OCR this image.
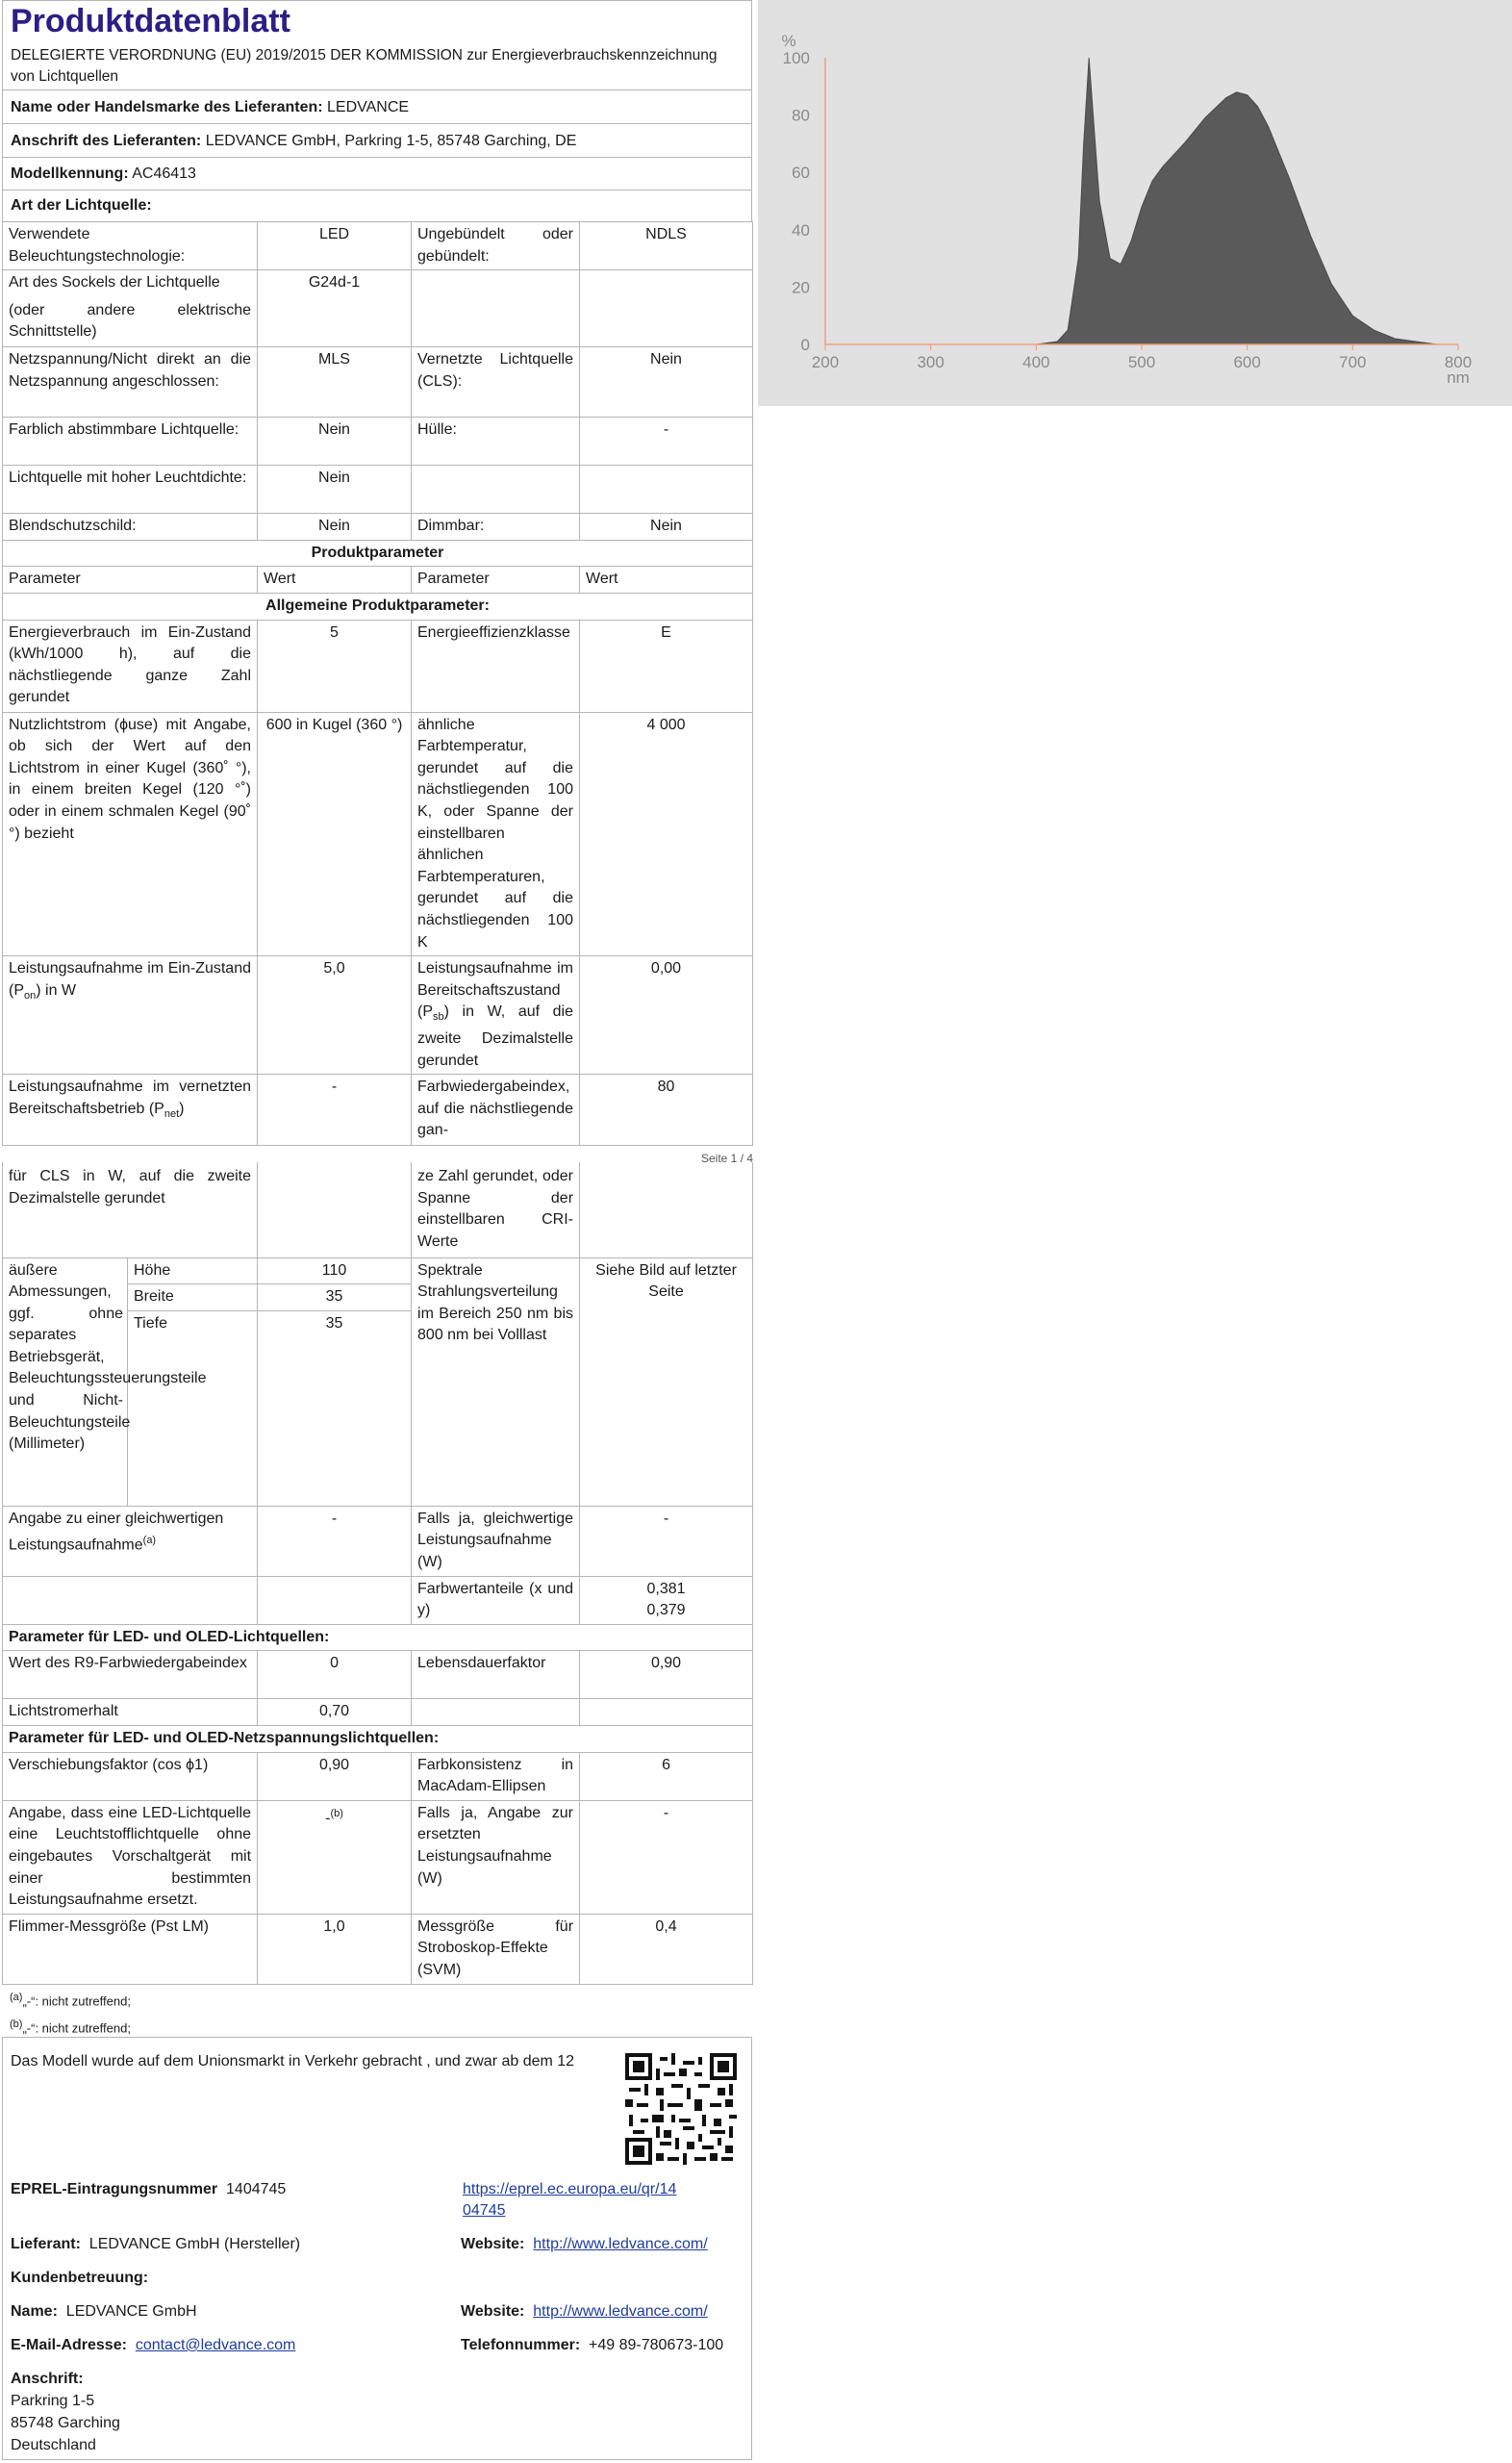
Produktdatenblatt
DELEGIERTE VERORDNUNG (EU) 2019/2015 DER KOMMISSION zur Energieverbrauchskennzeichnung von Lichtquellen
Name oder Handelsmarke des Lieferanten: LEDVANCE
Anschrift des Lieferanten: LEDVANCE GmbH, Parkring 1-5, 85748 Garching, DE
Modellkennung: AC46413
Art der Lichtquelle:
Verwendete Beleuchtungstechnologie:	LED	Ungebündelt oder gebündelt:	NDLS

Art des Sockels der Lichtquelle
(oder andere elektrische Schnittstelle)	G24d-1		
Netzspannung/Nicht direkt an die Netzspannung angeschlossen:	MLS	Vernetzte Lichtquelle (CLS):	Nein
Farblich abstimmbare Lichtquelle:	Nein	Hülle:	-
Lichtquelle mit hoher Leuchtdichte:	Nein		
Blendschutzschild:	Nein	Dimmbar:	Nein
Produktparameter			
Parameter	Wert	Parameter	Wert
Allgemeine Produktparameter:			
Energieverbrauch im Ein-Zustand (kWh/1000 h), auf die nächstliegende ganze Zahl gerundet	5	Energieeffizienzklasse	E
Nutzlichtstrom (ϕuse) mit Angabe, ob sich der Wert auf den Lichtstrom in einer Kugel (360˚ °), in einem breiten Kegel (120 °˚) oder in einem schmalen Kegel (90˚ °) bezieht	600 in Kugel (360 °)	ähnliche Farbtemperatur, gerundet auf die nächstliegenden 100 K, oder Spanne der einstellbaren ähnlichen Farbtemperaturen, gerundet auf die nächstliegenden 100 K	4 000
Leistungsaufnahme im Ein-Zustand $(P_{on})$ in W	5,0	Leistungsaufnahme im Bereitschaftszustand $(P_{sb})$ in W, auf die zweite Dezimalstelle gerundet	0,00
Leistungsaufnahme im vernetzten Bereitschaftsbetrieb $(P_{net})$	-	Farbwiedergabeindex, auf die nächstliegende gan-	80
Seite 1 / 4
für CLS in W, auf die zweite Dezimalstelle gerundet			ze Zahl gerundet, oder Spanne der einstellbaren CRI-Werte	
äußere Abmessungen, ggf. ohne separates Betriebsgerät, Beleuchtungssteuerungsteile und Nicht-Beleuchtungsteile (Millimeter)	Höhe	110	Spektrale Strahlungsverteilung im Bereich 250 nm bis 800 nm bei Volllast	Siehe Bild auf letzter Seite
	Breite	35		
	Tiefe	35		
Angabe zu einer gleichwertigen Leistungsaufnahme$^{(a)}$		-	Falls ja, gleichwertige Leistungsaufnahme (W)	-
			Farbwertanteile (x und y)	0,381
0,379

Parameter für LED- und OLED-Lichtquellen:				
Wert des R9-Farbwiedergabeindex		0	Lebensdauerfaktor	0,90
Lichtstromerhalt		0,70		
Parameter für LED- und OLED-Netzspannungslichtquellen:				
Verschiebungsfaktor (cos ϕ1)		0,90	Farbkonsistenz in MacAdam-Ellipsen	6
Angabe, dass eine LED-Lichtquelle eine Leuchtstofflichtquelle ohne eingebautes Vorschaltgerät mit einer bestimmten Leistungsaufnahme ersetzt.		-$^{(b)}$	Falls ja, Angabe zur ersetzten Leistungsaufnahme (W)	-
Flimmer-Messgröße (Pst LM)		1,0	Messgröße für Stroboskop-Effekte (SVM)	0,4
$^{(a)}$„-“: nicht zutreffend;
$^{(b)}$„-“: nicht zutreffend;
Das Modell wurde auf dem Unionsmarkt in Verkehr gebracht , und zwar ab dem 12
EPREL-Eintragungsnummer 1404745	https://eprel.ec.europa.eu/qr/14
04745
Lieferant: LEDVANCE GmbH (Hersteller)	Website: http://www.ledvance.com/
Kundenbetreuung:
Name: LEDVANCE GmbH	Website: http://www.ledvance.com/
E-Mail-Adresse: contact@ledvance.com	Telefonnummer: +49 89-780673-100
Anschrift:
Parkring 1-5
85748 Garching
Deutschland
200	300	400	500	600	700	800
0
20
40
60
80
100
%
nm
